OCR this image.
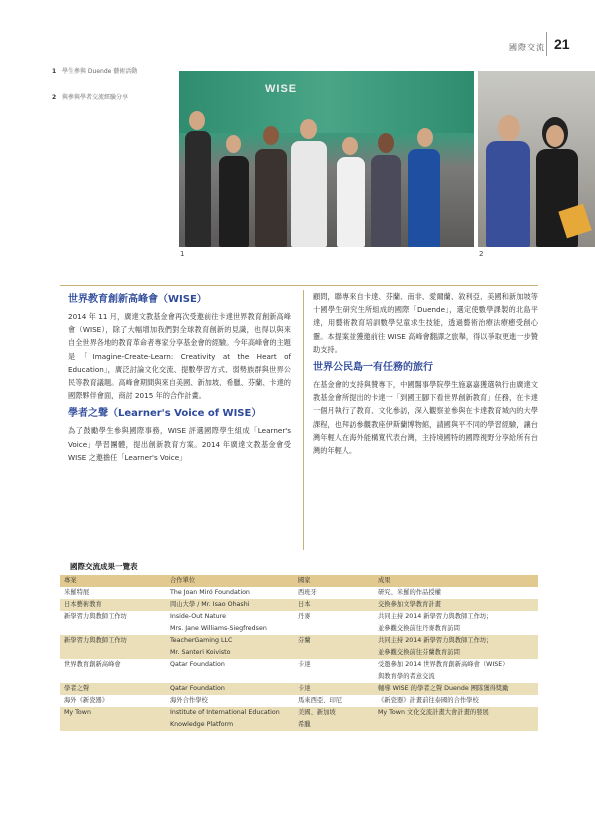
國際交流 21
1 學生參與 Duende 藝術活動
2 與參與學者交流經驗分享
WISE
1	2
世界教育創新高峰會（WISE）

2014 年 11 月，廣達文教基金會再次受邀前往卡達世界教育創新高峰會（WISE），除了大幅增加我們對全球教育創新的見識，也得以與來自全世界各地的教育革命者專家分享基金會的經驗。今年高峰會的主題是「Imagine-Create-Learn: Creativity at the Heart of Education」，廣泛討論文化交流、提數學習方式、弱勢族群與世界公民等教育議題。高峰會期間與來自美國、新加坡、希臘、芬蘭、卡達的國際夥伴會面，商討 2015 年的合作計畫。

學者之聲（Learner's Voice of WISE）

為了鼓勵學生參與國際事務，WISE 評選國際學生組成「Learner's Voice」學習團體，提出創新教育方案。2014 年廣達文教基金會受 WISE 之邀擔任「Learner's Voice」

顧問，聯專來自卡達、芬蘭、南非、愛爾蘭、敘利亞、美國和新加坡等十國學生研究生所組成的國際「Duende」，選定使數學課製的北島平達，用藝術教育培訓數學兒童求生技能，透過藝術治療法療癒受創心靈。本提案並獲邀前往 WISE 高峰會翻譯之旅舉，得以爭取更進一步贊助支持。

世界公民島一有任務的旅行

在基金會的支持與贊專下，中國醫事學院學生施嘉嘉獲選執行由廣達文教基金會所提出的卡達一「到國王腳下看世界創新教育」任務，在卡達一個月執行了教育、文化參訪，深入觀察並參與在卡達教育城內的大學課程，也拜訪參觀教座伊斯蘭博物館，請國與平不同的學習經驗，讓台灣年輕人在海外能構寬代表台灣，主持境國特的國際視野分享給所有台灣的年輕人。

國際交流成果一覽表
專案	合作單位	國家	成果
米羅特展	The Joan Miró Foundation	西班牙	研究、米羅的作品授權
日本藝術教育	岡山大學 / Mr. Isao Ohashi	日本	交換參加文學教育計畫
新學習力與教師工作坊	Inside-Out Nature	丹麥	共同主持 2014 新學習力與教師工作坊；
	Mrs. Jane Williams-Siegfredsen		並參觀交換前往丹麥教育訪問
新學習力與教師工作坊	TeacherGaming LLC	芬蘭	共同主持 2014 新學習力與教師工作坊；
	Mr. Santeri Koivisto		並參觀交換前往芬蘭教育訪問
世界教育創新高峰會	Qatar Foundation	卡達	受邀參加 2014 世界教育創新高峰會（WISE）
			與教育學的者意交流
學者之聲	Qatar Foundation	卡達	輔導 WISE 的學者之聲 Duende 團隊獲得獎勵
海外《新瓷器》	海外合作學校	馬來西亞、印尼	《新瓷器》計畫前往泰國的合作學校
My Town	Institute of International Education	美國、新加坡	My Town 文化交流計畫大會計畫的發展
	Knowledge Platform	希臘	
